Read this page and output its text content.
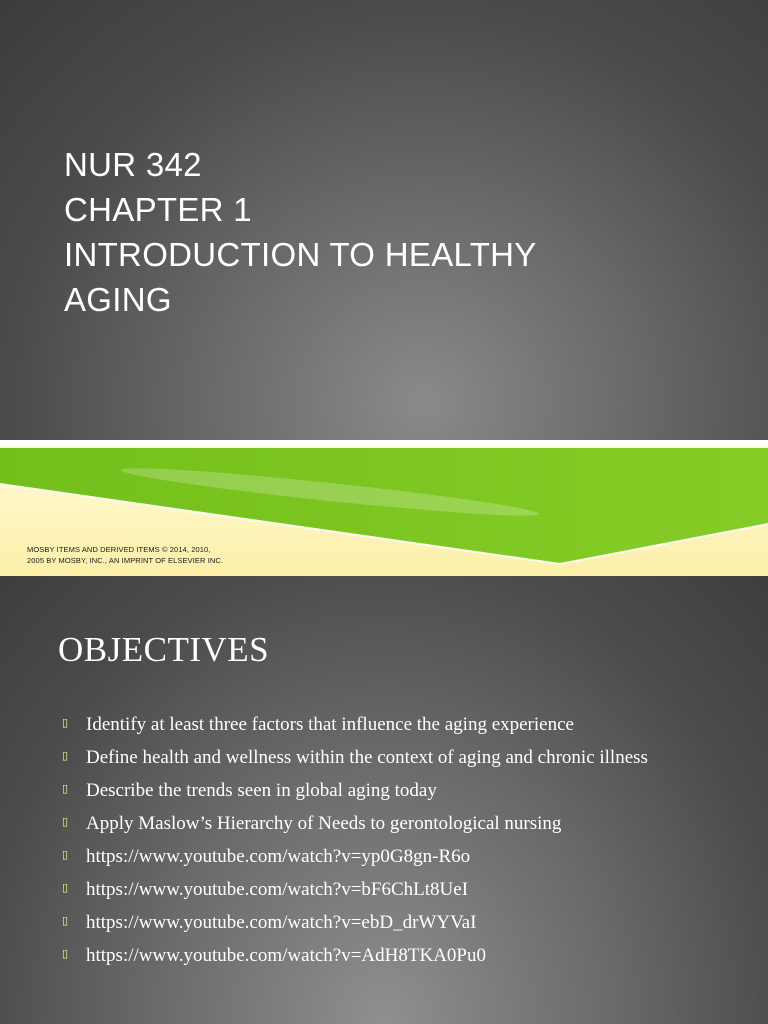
NUR 342
CHAPTER 1
INTRODUCTION TO HEALTHY
AGING
MOSBY ITEMS AND DERIVED ITEMS © 2014, 2010,
2005 BY MOSBY, INC., AN IMPRINT OF ELSEVIER INC.
OBJECTIVES
▯ Identify at least three factors that influence the aging experience
▯ Define health and wellness within the context of aging and chronic illness
▯ Describe the trends seen in global aging today
▯ Apply Maslow’s Hierarchy of Needs to gerontological nursing
▯ https://www.youtube.com/watch?v=yp0G8gn-R6o
▯ https://www.youtube.com/watch?v=bF6ChLt8UeI
▯ https://www.youtube.com/watch?v=ebD_drWYVaI
▯ https://www.youtube.com/watch?v=AdH8TKA0Pu0
